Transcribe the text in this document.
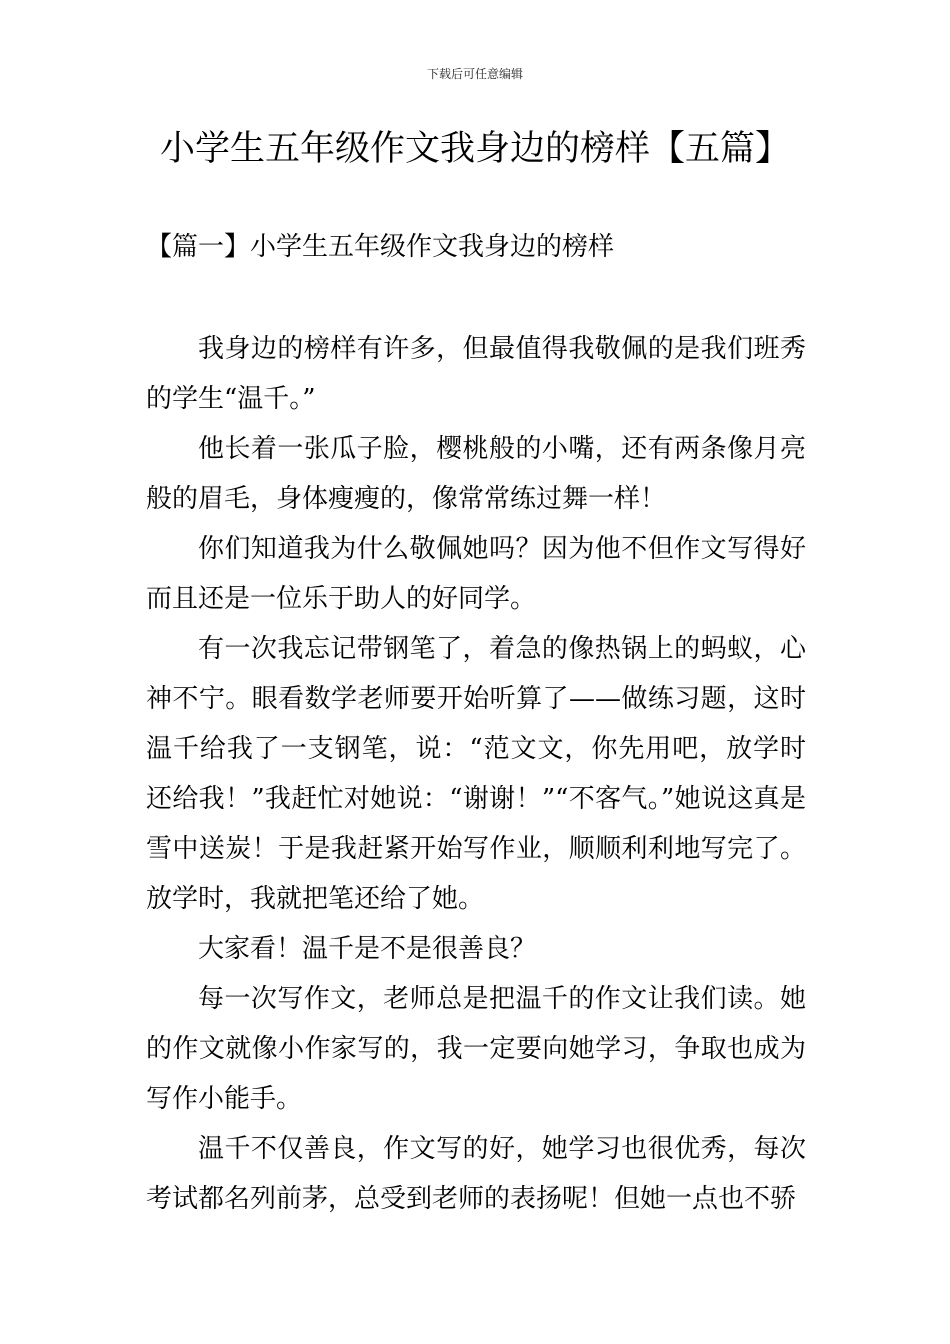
下载后可任意编辑
小学生五年级作文我身边的榜样【五篇】
【篇一】小学生五年级作文我身边的榜样

我身边的榜样有许多，但最值得我敬佩的是我们班秀的学生“温千。”

他长着一张瓜子脸，樱桃般的小嘴，还有两条像月亮般的眉毛，身体瘦瘦的，像常常练过舞一样！

你们知道我为什么敬佩她吗？因为他不但作文写得好而且还是一位乐于助人的好同学。

有一次我忘记带钢笔了，着急的像热锅上的蚂蚁，心神不宁。眼看数学老师要开始听算了——做练习题，这时温千给我了一支钢笔，说：“范文文，你先用吧，放学时还给我！”我赶忙对她说：“谢谢！”“不客气。”她说这真是雪中送炭！于是我赶紧开始写作业，顺顺利利地写完了。放学时，我就把笔还给了她。

大家看！温千是不是很善良？

每一次写作文，老师总是把温千的作文让我们读。她的作文就像小作家写的，我一定要向她学习，争取也成为写作小能手。

温千不仅善良，作文写的好，她学习也很优秀，每次考试都名列前茅，总受到老师的表扬呢！但她一点也不骄
